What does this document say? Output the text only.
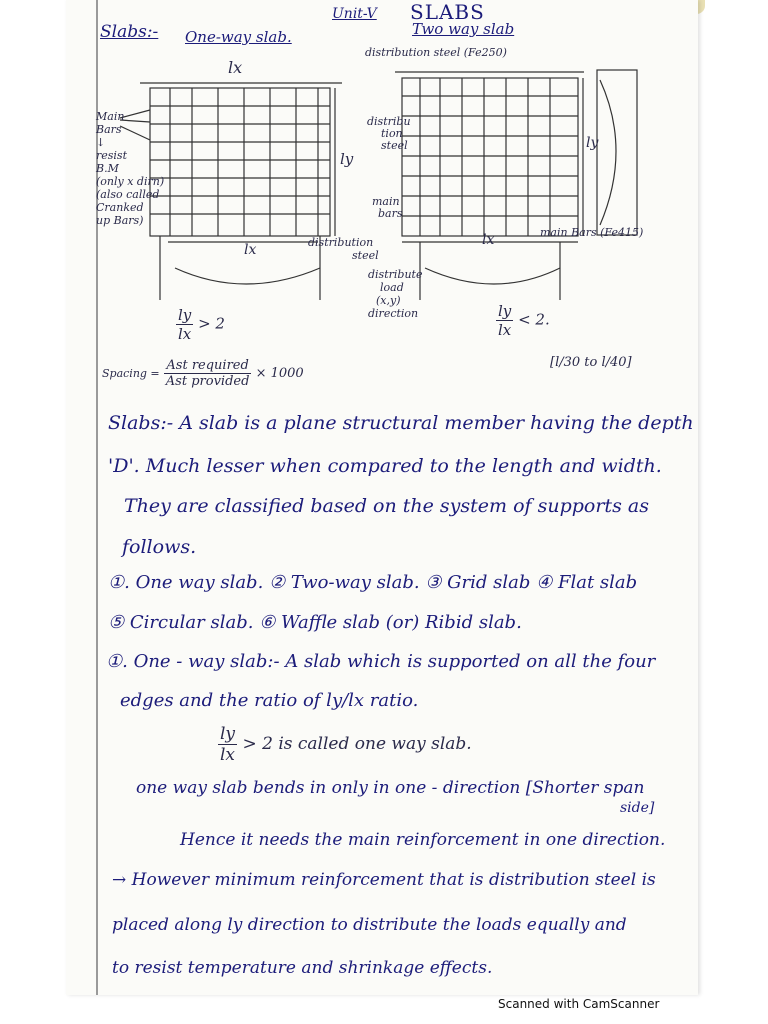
Slabs:- One-way slab.
Unit-V SLABS
Two way slab
lx
ly
lx
Main
Bars
↓
resist
B.M
(only x dirn)
(also called
Cranked
up Bars)
distribution
steel
distribution steel (Fe250)
distribu
tion
steel
main
bars
ly
lx	main Bars (Fe415)
distribute
load
(x,y)
direction
$\frac{ly}{lx} > 2$
Spacing = $\frac{\text{Ast required}}{\text{Ast provided}} \times 1000$
$\frac{ly}{lx} < 2$.
[l/30 to l/40]
Slabs:- A slab is a plane structural member having the depth
'D'. Much lesser when compared to the length and width.
They are classified based on the system of supports as
follows.
①. One way slab. ② Two-way slab. ③ Grid slab ④ Flat slab
⑤ Circular slab. ⑥ Waffle slab (or) Ribid slab.
①. One - way slab:- A slab which is supported on all the four
edges and the ratio of ly/lx ratio.
$\frac{ly}{lx} > 2$ is called one way slab.
one way slab bends in only in one - direction [Shorter span
side]
Hence it needs the main reinforcement in one direction.
→ However minimum reinforcement that is distribution steel is
placed along ly direction to distribute the loads equally and
to resist temperature and shrinkage effects.
Scanned with CamScanner
